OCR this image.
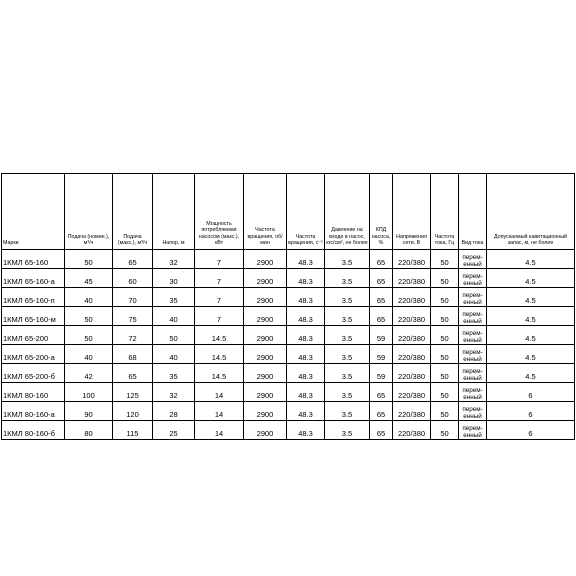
Марки	Подача (номин.), м³/ч	Подача (макс.), м³/ч	Напор, м	Мощность потребляемая насосом (макс.), кВт	Частота вращения, об/мин	Частота вращения, с⁻¹	Давление на входе в насос, кгс/см², не более	КПД насоса, %	Напряжения сети, В	Частота тока, Гц	Вид тока	Допускаемый кавитационный запас, м, не более
1КМЛ 65-160	50	65	32	7	2900	48.3	3.5	65	220/380	50	переменный	4.5
1КМЛ 65-160-а	45	60	30	7	2900	48.3	3.5	65	220/380	50	переменный	4.5
1КМЛ 65-160-п	40	70	35	7	2900	48.3	3.5	65	220/380	50	переменный	4.5
1КМЛ 65-160-м	50	75	40	7	2900	48.3	3.5	65	220/380	50	переменный	4.5
1КМЛ 65-200	50	72	50	14.5	2900	48.3	3.5	59	220/380	50	переменный	4.5
1КМЛ 65-200-а	40	68	40	14.5	2900	48.3	3.5	59	220/380	50	переменный	4.5
1КМЛ 65-200-б	42	65	35	14.5	2900	48.3	3.5	59	220/380	50	переменный	4.5
1КМЛ 80-160	100	125	32	14	2900	48.3	3.5	65	220/380	50	переменный	6
1КМЛ 80-160-а	90	120	28	14	2900	48.3	3.5	65	220/380	50	переменный	6
1КМЛ 80-160-б	80	115	25	14	2900	48.3	3.5	65	220/380	50	переменный	6
